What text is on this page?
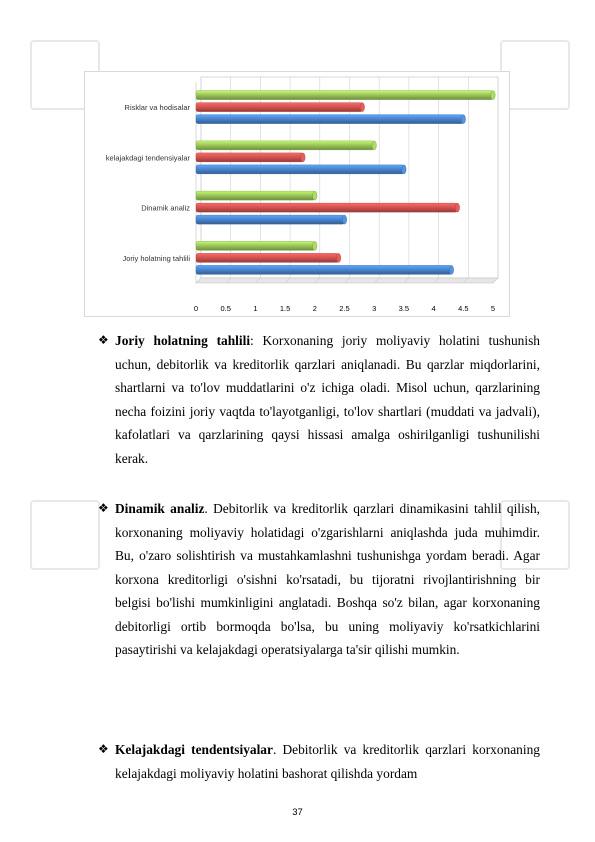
0	0.5	1	1.5	2	2.5	3	3.5	4	4.5	5
Joriy holatning tahlili
Dinamik analiz
kelajakdagi tendensiyalar
Risklar va hodisalar

❖ Joriy holatning tahlili: Korxonaning joriy moliyaviy holatini tushunish uchun, debitorlik va kreditorlik qarzlari aniqlanadi. Bu qarzlar miqdorlarini, shartlarni va to'lov muddatlarini o'z ichiga oladi. Misol uchun, qarzlarining necha foizini joriy vaqtda to'layotganligi, to'lov shartlari (muddati va jadvali), kafolatlari va qarzlarining qaysi hissasi amalga oshirilganligi tushunilishi kerak.

❖ Dinamik analiz. Debitorlik va kreditorlik qarzlari dinamikasini tahlil qilish, korxonaning moliyaviy holatidagi o'zgarishlarni aniqlashda juda muhimdir. Bu, o'zaro solishtirish va mustahkamlashni tushunishga yordam beradi. Agar korxona kreditorligi o'sishni ko'rsatadi, bu tijoratni rivojlantirishning bir belgisi bo'lishi mumkinligini anglatadi. Boshqa so'z bilan, agar korxonaning debitorligi ortib bormoqda bo'lsa, bu uning moliyaviy ko'rsatkichlarini pasaytirishi va kelajakdagi operatsiyalarga ta'sir qilishi mumkin.

❖ Kelajakdagi tendentsiyalar. Debitorlik va kreditorlik qarzlari korxonaning kelajakdagi moliyaviy holatini bashorat qilishda yordam

37
